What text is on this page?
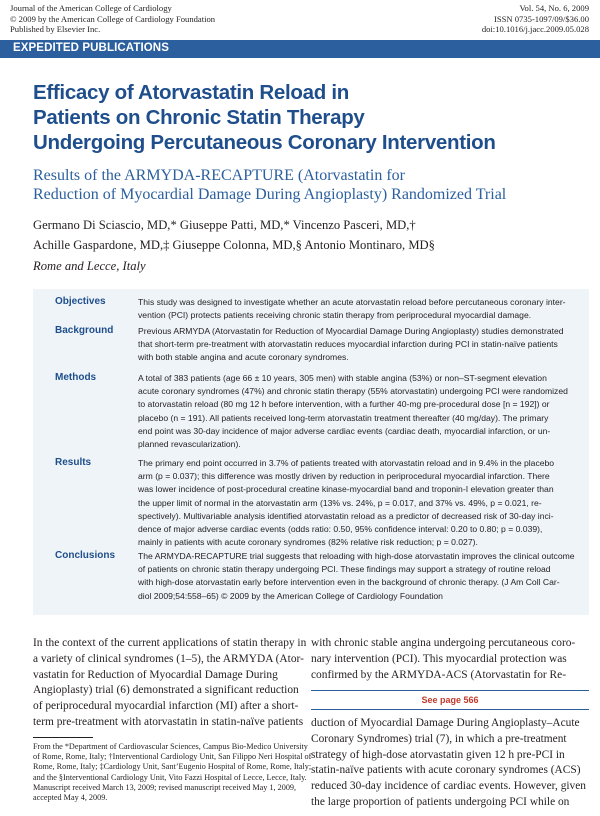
Journal of the American College of Cardiology
© 2009 by the American College of Cardiology Foundation
Published by Elsevier Inc.
Vol. 54, No. 6, 2009
ISSN 0735-1097/09/$36.00
doi:10.1016/j.jacc.2009.05.028
EXPEDITED PUBLICATIONS
Efficacy of Atorvastatin Reload in
Patients on Chronic Statin Therapy
Undergoing Percutaneous Coronary Intervention
Results of the ARMYDA-RECAPTURE (Atorvastatin for
Reduction of Myocardial Damage During Angioplasty) Randomized Trial
Germano Di Sciascio, MD,* Giuseppe Patti, MD,* Vincenzo Pasceri, MD,†
Achille Gaspardone, MD,‡ Giuseppe Colonna, MD,§ Antonio Montinaro, MD§
Rome and Lecce, Italy
Objectives	This study was designed to investigate whether an acute atorvastatin reload before percutaneous coronary inter-
vention (PCI) protects patients receiving chronic statin therapy from periprocedural myocardial damage.
Background	Previous ARMYDA (Atorvastatin for Reduction of Myocardial Damage During Angioplasty) studies demonstrated
that short-term pre-treatment with atorvastatin reduces myocardial infarction during PCI in statin-naïve patients
with both stable angina and acute coronary syndromes.
Methods	A total of 383 patients (age 66 ± 10 years, 305 men) with stable angina (53%) or non–ST-segment elevation
acute coronary syndromes (47%) and chronic statin therapy (55% atorvastatin) undergoing PCI were randomized
to atorvastatin reload (80 mg 12 h before intervention, with a further 40-mg pre-procedural dose [n = 192]) or
placebo (n = 191). All patients received long-term atorvastatin treatment thereafter (40 mg/day). The primary
end point was 30-day incidence of major adverse cardiac events (cardiac death, myocardial infarction, or un-
planned revascularization).
Results	The primary end point occurred in 3.7% of patients treated with atorvastatin reload and in 9.4% in the placebo
arm (p = 0.037); this difference was mostly driven by reduction in periprocedural myocardial infarction. There
was lower incidence of post-procedural creatine kinase-myocardial band and troponin-I elevation greater than
the upper limit of normal in the atorvastatin arm (13% vs. 24%, p = 0.017, and 37% vs. 49%, p = 0.021, re-
spectively). Multivariable analysis identified atorvastatin reload as a predictor of decreased risk of 30-day inci-
dence of major adverse cardiac events (odds ratio: 0.50, 95% confidence interval: 0.20 to 0.80; p = 0.039),
mainly in patients with acute coronary syndromes (82% relative risk reduction; p = 0.027).
Conclusions	The ARMYDA-RECAPTURE trial suggests that reloading with high-dose atorvastatin improves the clinical outcome
of patients on chronic statin therapy undergoing PCI. These findings may support a strategy of routine reload
with high-dose atorvastatin early before intervention even in the background of chronic therapy. (J Am Coll Car-
diol 2009;54:558–65) © 2009 by the American College of Cardiology Foundation
In the context of the current applications of statin therapy in
a variety of clinical syndromes (1–5), the ARMYDA (Ator-
vastatin for Reduction of Myocardial Damage During
Angioplasty) trial (6) demonstrated a significant reduction
of periprocedural myocardial infarction (MI) after a short-
term pre-treatment with atorvastatin in statin-naïve patients
with chronic stable angina undergoing percutaneous coro-
nary intervention (PCI). This myocardial protection was
confirmed by the ARMYDA-ACS (Atorvastatin for Re-
See page 566
duction of Myocardial Damage During Angioplasty–Acute
Coronary Syndromes) trial (7), in which a pre-treatment
strategy of high-dose atorvastatin given 12 h pre-PCI in
statin-naïve patients with acute coronary syndromes (ACS)
reduced 30-day incidence of cardiac events. However, given
the large proportion of patients undergoing PCI while on
From the *Department of Cardiovascular Sciences, Campus Bio-Medico University
of Rome, Rome, Italy; †Interventional Cardiology Unit, San Filippo Neri Hospital of
Rome, Rome, Italy; ‡Cardiology Unit, Sant’Eugenio Hospital of Rome, Rome, Italy;
and the §Interventional Cardiology Unit, Vito Fazzi Hospital of Lecce, Lecce, Italy.
Manuscript received March 13, 2009; revised manuscript received May 1, 2009,
accepted May 4, 2009.
